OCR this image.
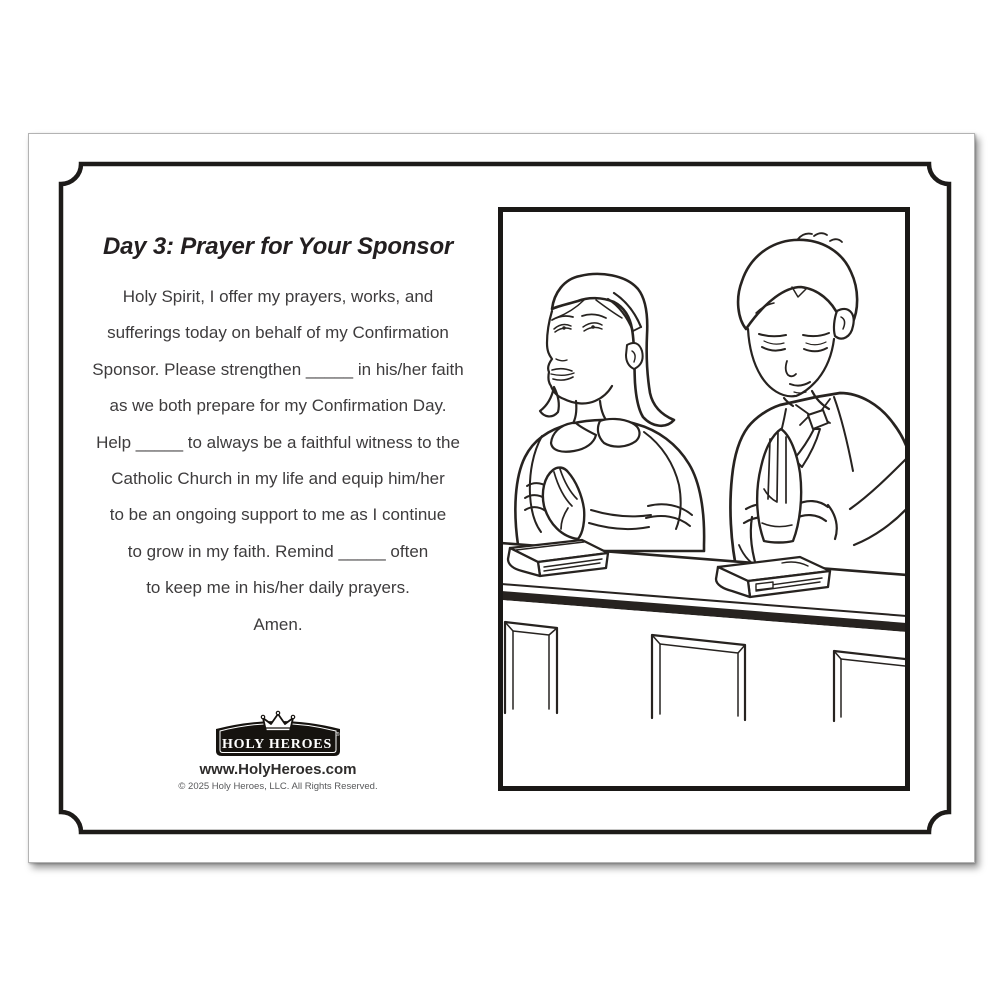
Day 3: Prayer for Your Sponsor
Holy Spirit, I offer my prayers, works, and
sufferings today on behalf of my Confirmation
Sponsor. Please strengthen _____ in his/her faith
as we both prepare for my Confirmation Day.
Help _____ to always be a faithful witness to the
Catholic Church in my life and equip him/her
to be an ongoing support to me as I continue
to grow in my faith. Remind _____ often
to keep me in his/her daily prayers.
Amen.
HOLY HEROES
®
www.HolyHeroes.com
© 2025 Holy Heroes, LLC. All Rights Reserved.
